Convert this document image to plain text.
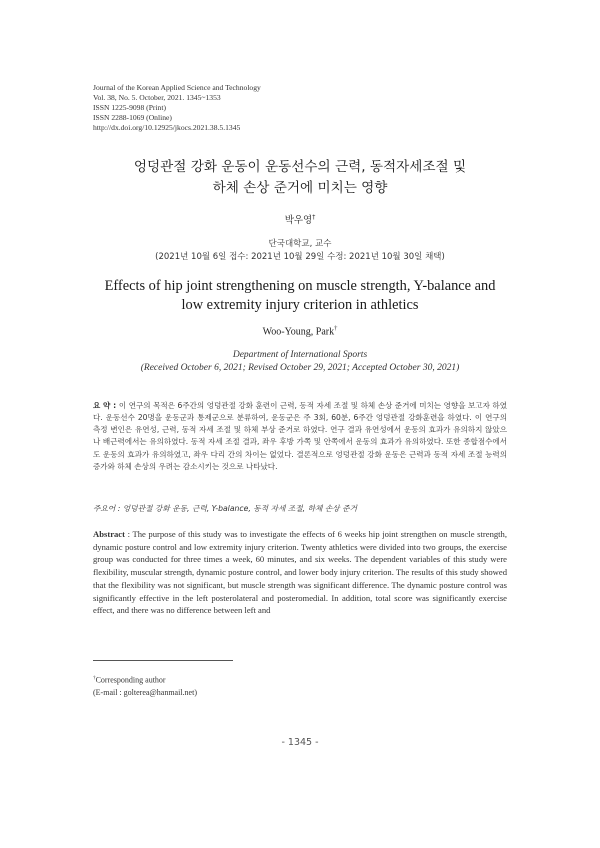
Journal of the Korean Applied Science and Technology
Vol. 38, No. 5. October, 2021. 1345~1353
ISSN 1225-9098 (Print)
ISSN 2288-1069 (Online)
http://dx.doi.org/10.12925/jkocs.2021.38.5.1345
엉덩관절 강화 운동이 운동선수의 근력, 동적자세조절 및
하체 손상 준거에 미치는 영향
박우영†
단국대학교, 교수
(2021년 10월 6일 접수: 2021년 10월 29일 수정: 2021년 10월 30일 채택)
Effects of hip joint strengthening on muscle strength, Y-balance and
low extremity injury criterion in athletics
Woo-Young, Park†
Department of International Sports
(Received October 6, 2021; Revised October 29, 2021; Accepted October 30, 2021)
요 약 : 이 연구의 목적은 6주간의 엉덩관절 강화 훈련이 근력, 동적 자세 조절 및 하체 손상 준거에 미치는 영향을 보고자 하였다. 운동선수 20명을 운동군과 통제군으로 분류하여, 운동군은 주 3회, 60분, 6주간 엉덩관절 강화훈련을 하였다. 이 연구의 측정 변인은 유연성, 근력, 동적 자세 조절 및 하체 부상 준거로 하였다. 연구 결과 유연성에서 운동의 효과가 유의하지 않았으나 배근력에서는 유의하였다. 동적 자세 조절 결과, 좌우 후방 가쪽 및 안쪽에서 운동의 효과가 유의하였다. 또한 종합점수에서도 운동의 효과가 유의하였고, 좌우 다리 간의 차이는 없었다. 결론적으로 엉덩관절 강화 운동은 근력과 동적 자세 조절 능력의 증가와 하체 손상의 우려는 감소시키는 것으로 나타났다.
주요어 : 엉덩관절 강화 운동, 근력, Y-balance, 동적 자세 조절, 하체 손상 준거
Abstract : The purpose of this study was to investigate the effects of 6 weeks hip joint strengthen on muscle strength, dynamic posture control and low extremity injury criterion. Twenty athletics were divided into two groups, the exercise group was conducted for three times a week, 60 minutes, and six weeks. The dependent variables of this study were flexibility, muscular strength, dynamic posture control, and lower body injury criterion. The results of this study showed that the flexibility was not significant, but muscle strength was significant difference. The dynamic posture control was significantly effective in the left posterolateral and posteromedial. In addition, total score was significantly exercise effect, and there was no difference between left and
†Corresponding author
(E-mail : golterea@hanmail.net)
- 1345 -
